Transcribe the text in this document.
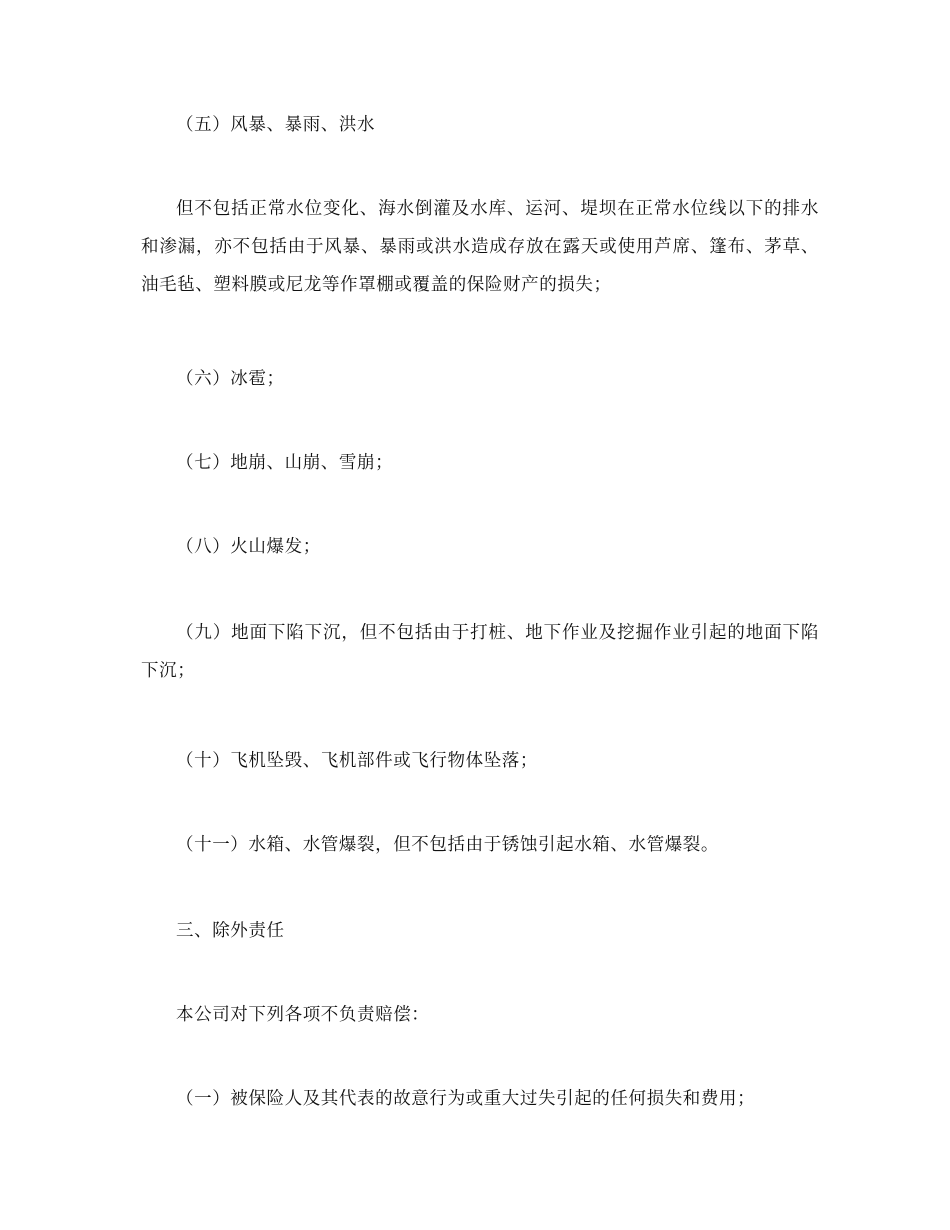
（五）风暴、暴雨、洪水

但不包括正常水位变化、海水倒灌及水库、运河、堤坝在正常水位线以下的排水和渗漏，亦不包括由于风暴、暴雨或洪水造成存放在露天或使用芦席、篷布、茅草、油毛毡、塑料膜或尼龙等作罩棚或覆盖的保险财产的损失；

（六）冰雹；

（七）地崩、山崩、雪崩；

（八）火山爆发；

（九）地面下陷下沉，但不包括由于打桩、地下作业及挖掘作业引起的地面下陷下沉；

（十）飞机坠毁、飞机部件或飞行物体坠落；

（十一）水箱、水管爆裂，但不包括由于锈蚀引起水箱、水管爆裂。

三、除外责任

本公司对下列各项不负责赔偿：

（一）被保险人及其代表的故意行为或重大过失引起的任何损失和费用；
